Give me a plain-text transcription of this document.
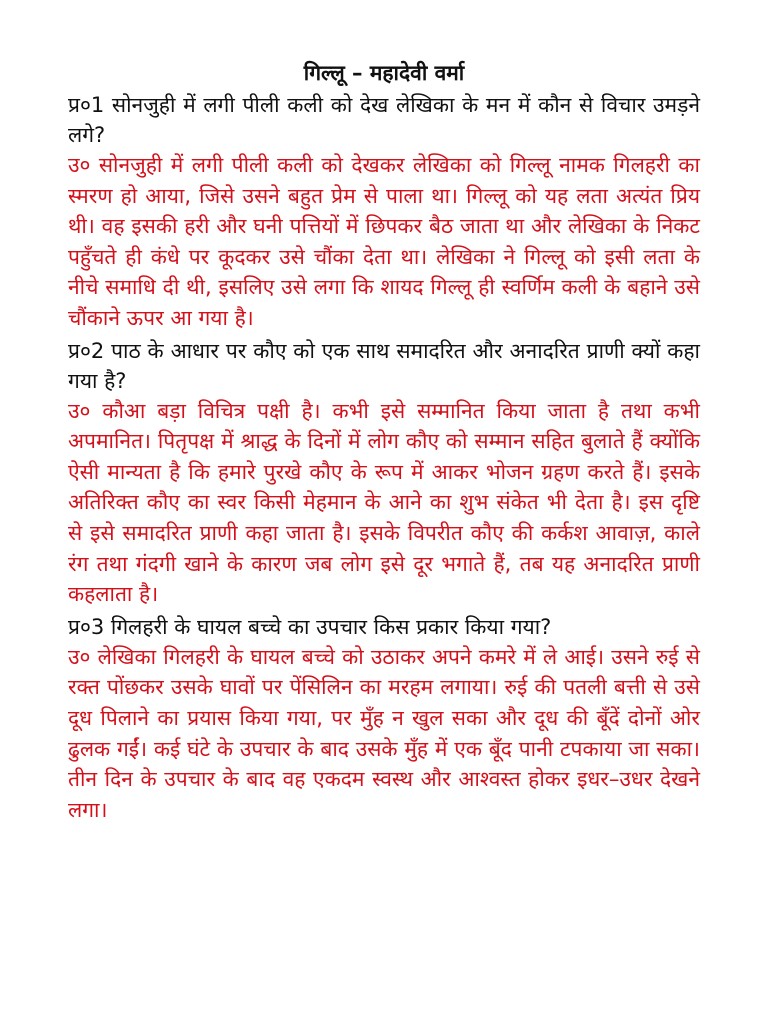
गिल्लू – महादेवी वर्मा

प्र०1 सोनजुही में लगी पीली कली को देख लेखिका के मन में कौन से विचार उमड़ने लगे?

उ० सोनजुही में लगी पीली कली को देखकर लेखिका को गिल्लू नामक गिलहरी का स्मरण हो आया, जिसे उसने बहुत प्रेम से पाला था। गिल्लू को यह लता अत्यंत प्रिय थी। वह इसकी हरी और घनी पत्तियों में छिपकर बैठ जाता था और लेखिका के निकट पहुँचते ही कंधे पर कूदकर उसे चौंका देता था। लेखिका ने गिल्लू को इसी लता के नीचे समाधि दी थी, इसलिए उसे लगा कि शायद गिल्लू ही स्वर्णिम कली के बहाने उसे चौंकाने ऊपर आ गया है।

प्र०2 पाठ के आधार पर कौए को एक साथ समादरित और अनादरित प्राणी क्यों कहा गया है?

उ० कौआ बड़ा विचित्र पक्षी है। कभी इसे सम्मानित किया जाता है तथा कभी अपमानित। पितृपक्ष में श्राद्ध के दिनों में लोग कौए को सम्मान सहित बुलाते हैं क्योंकि ऐसी मान्यता है कि हमारे पुरखे कौए के रूप में आकर भोजन ग्रहण करते हैं। इसके अतिरिक्त कौए का स्वर किसी मेहमान के आने का शुभ संकेत भी देता है। इस दृष्टि से इसे समादरित प्राणी कहा जाता है। इसके विपरीत कौए की कर्कश आवाज़, काले रंग तथा गंदगी खाने के कारण जब लोग इसे दूर भगाते हैं, तब यह अनादरित प्राणी कहलाता है।

प्र०3 गिलहरी के घायल बच्चे का उपचार किस प्रकार किया गया?

उ० लेखिका गिलहरी के घायल बच्चे को उठाकर अपने कमरे में ले आई। उसने रुई से रक्त पोंछकर उसके घावों पर पेंसिलिन का मरहम लगाया। रुई की पतली बत्ती से उसे दूध पिलाने का प्रयास किया गया, पर मुँह न खुल सका और दूध की बूँदें दोनों ओर ढुलक गईं। कई घंटे के उपचार के बाद उसके मुँह में एक बूँद पानी टपकाया जा सका। तीन दिन के उपचार के बाद वह एकदम स्वस्थ और आश्वस्त होकर इधर–उधर देखने लगा।
